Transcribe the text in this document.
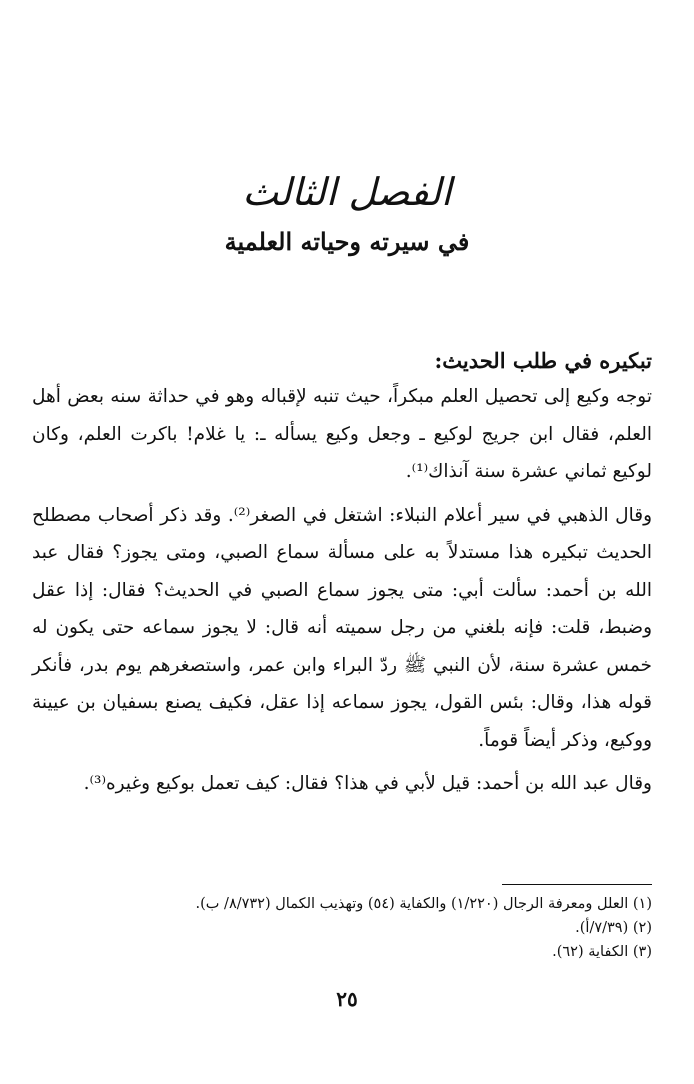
الفصل الثالث
في سيرته وحياته العلمية
تبكيره في طلب الحديث:

توجه وكيع إلى تحصيل العلم مبكراً، حيث تنبه لإقباله وهو في حداثة سنه بعض أهل العلم، فقال ابن جريج لوكيع ـ وجعل وكيع يسأله ـ: يا غلام! باكرت العلم، وكان لوكيع ثماني عشرة سنة آنذاك⁽¹⁾.

وقال الذهبي في سير أعلام النبلاء: اشتغل في الصغر⁽²⁾. وقد ذكر أصحاب مصطلح الحديث تبكيره هذا مستدلاً به على مسألة سماع الصبي، ومتى يجوز؟ فقال عبد الله بن أحمد: سألت أبي: متى يجوز سماع الصبي في الحديث؟ فقال: إذا عقل وضبط، قلت: فإنه بلغني من رجل سميته أنه قال: لا يجوز سماعه حتى يكون له خمس عشرة سنة، لأن النبي ﷺ ردّ البراء وابن عمر، واستصغرهم يوم بدر، فأنكر قوله هذا، وقال: بئس القول، يجوز سماعه إذا عقل، فكيف يصنع بسفيان بن عيينة ووكيع، وذكر أيضاً قوماً.

وقال عبد الله بن أحمد: قيل لأبي في هذا؟ فقال: كيف تعمل بوكيع وغيره⁽³⁾.

(١) العلل ومعرفة الرجال (١/٢٢٠) والكفاية (٥٤) وتهذيب الكمال (٨/٧٣٢/ ب).

(٢) (٧/٣٩/أ).

(٣) الكفاية (٦٢).

٢٥
